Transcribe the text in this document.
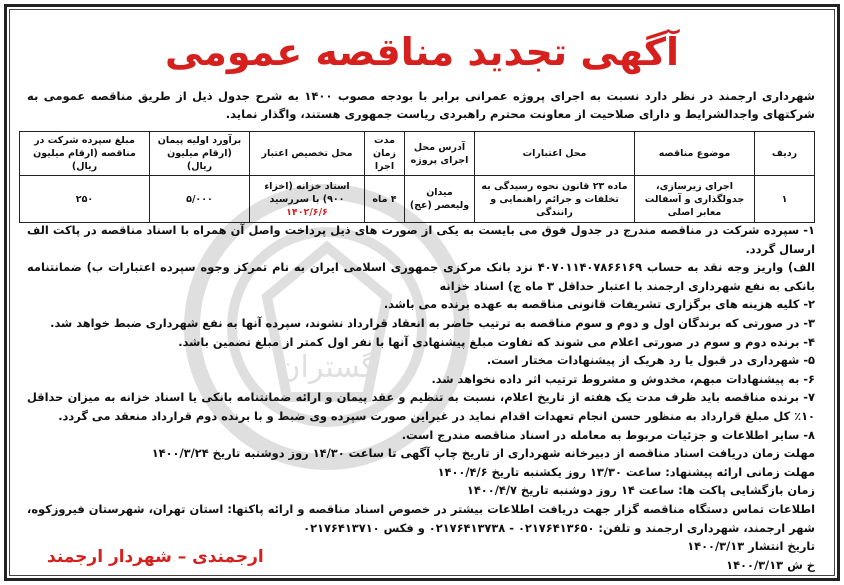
گستران
آگهی تجدید مناقصه عمومی
شهرداری ارجمند در نظر دارد نسبت به اجرای پروژه عمرانی برابر با بودجه مصوب ۱۴۰۰ به شرح جدول ذیل از طریق مناقصه عمومی به شرکتهای واجدالشرایط و دارای صلاحیت از معاونت محترم راهبردی ریاست جمهوری هستند، واگذار نماید.
ردیف	موضوع مناقصه	محل اعتبارات	آدرس محل اجرای پروژه	مدت زمان اجرا	محل تخصیص اعتبار	برآورد اولیه پیمان (ارقام میلیون ریال)	مبلغ سپرده شرکت در مناقصه (ارقام میلیون ریال)
۱	اجرای زیرسازی، جدولگذاری و آسفالت معابر اصلی	ماده ۲۳ قانون نحوه رسیدگی به تخلفات و جرائم راهنمایی و رانندگی	میدان ولیعصر (عج)	۴ ماه	اسناد خزانه (اخزاء ۹۰۰) با سررسید ۱۴۰۲/۶/۶	۵/۰۰۰	۲۵۰

۱- سپرده شرکت در مناقصه مندرج در جدول فوق می بایست به یکی از صورت های ذیل پرداخت واصل آن همراه با اسناد مناقصه در پاکت الف ارسال گردد.

الف) واریز وجه نقد به حساب ۴۰۷۰۱۱۴۰۷۸۶۶۱۶۹ نزد بانک مرکزی جمهوری اسلامی ایران به نام تمرکز وجوه سپرده اعتبارات ب) ضمانتنامه بانکی به نفع شهرداری ارجمند با اعتبار حداقل ۳ ماه ج) اسناد خزانه

۲- کلیه هزینه های برگزاری تشریفات قانونی مناقصه به عهده برنده می باشد.

۳- در صورتی که برندگان اول و دوم و سوم مناقصه به ترتیب حاضر به انعقاد قرارداد نشوند، سپرده آنها به نفع شهرداری ضبط خواهد شد.

۴- برنده دوم و سوم در صورتی اعلام می شوند که تفاوت مبلغ پیشنهادی آنها با نفر اول کمتر از مبلغ تضمین باشد.

۵- شهرداری در قبول یا رد هریک از پیشنهادات مختار است.

۶- به پیشنهادات مبهم، مخدوش و مشروط ترتیب اثر داده نخواهد شد.

۷- برنده مناقصه باید ظرف مدت یک هفته از تاریخ اعلام، نسبت به تنظیم و عقد پیمان و ارائه ضمانتنامه بانکی یا اسناد خزانه به میزان حداقل ۱۰٪ کل مبلغ قرارداد به منظور حسن انجام تعهدات اقدام نماید در غیراین صورت سپرده وی ضبط و با برنده دوم قرارداد منعقد می گردد.

۸- سایر اطلاعات و جزئیات مربوط به معامله در اسناد مناقصه مندرج است.

مهلت زمان دریافت اسناد مناقصه از دبیرخانه شهرداری از تاریخ چاپ آگهی تا ساعت ۱۴/۳۰ روز دوشنبه تاریخ ۱۴۰۰/۳/۲۴

مهلت زمانی ارائه پیشنهاد: ساعت ۱۳/۳۰ روز یکشنبه تاریخ ۱۴۰۰/۴/۶

زمان بازگشایی پاکت ها: ساعت ۱۴ روز دوشنبه تاریخ ۱۴۰۰/۴/۷

اطلاعات تماس دستگاه مناقصه گزار جهت دریافت اطلاعات بیشتر در خصوص اسناد مناقصه و ارائه پاکتها: استان تهران، شهرستان فیروزکوه، شهر ارجمند، شهرداری ارجمند و تلفن: ۰۲۱۷۶۴۱۳۶۵۰ - ۰۲۱۷۶۴۱۳۷۳۸ و فکس ۰۲۱۷۶۴۱۳۷۱۰

تاریخ انتشار ۱۴۰۰/۳/۱۳

خ ش ۱۴۰۰/۳/۱۳

ارجمندی – شهردار ارجمند
